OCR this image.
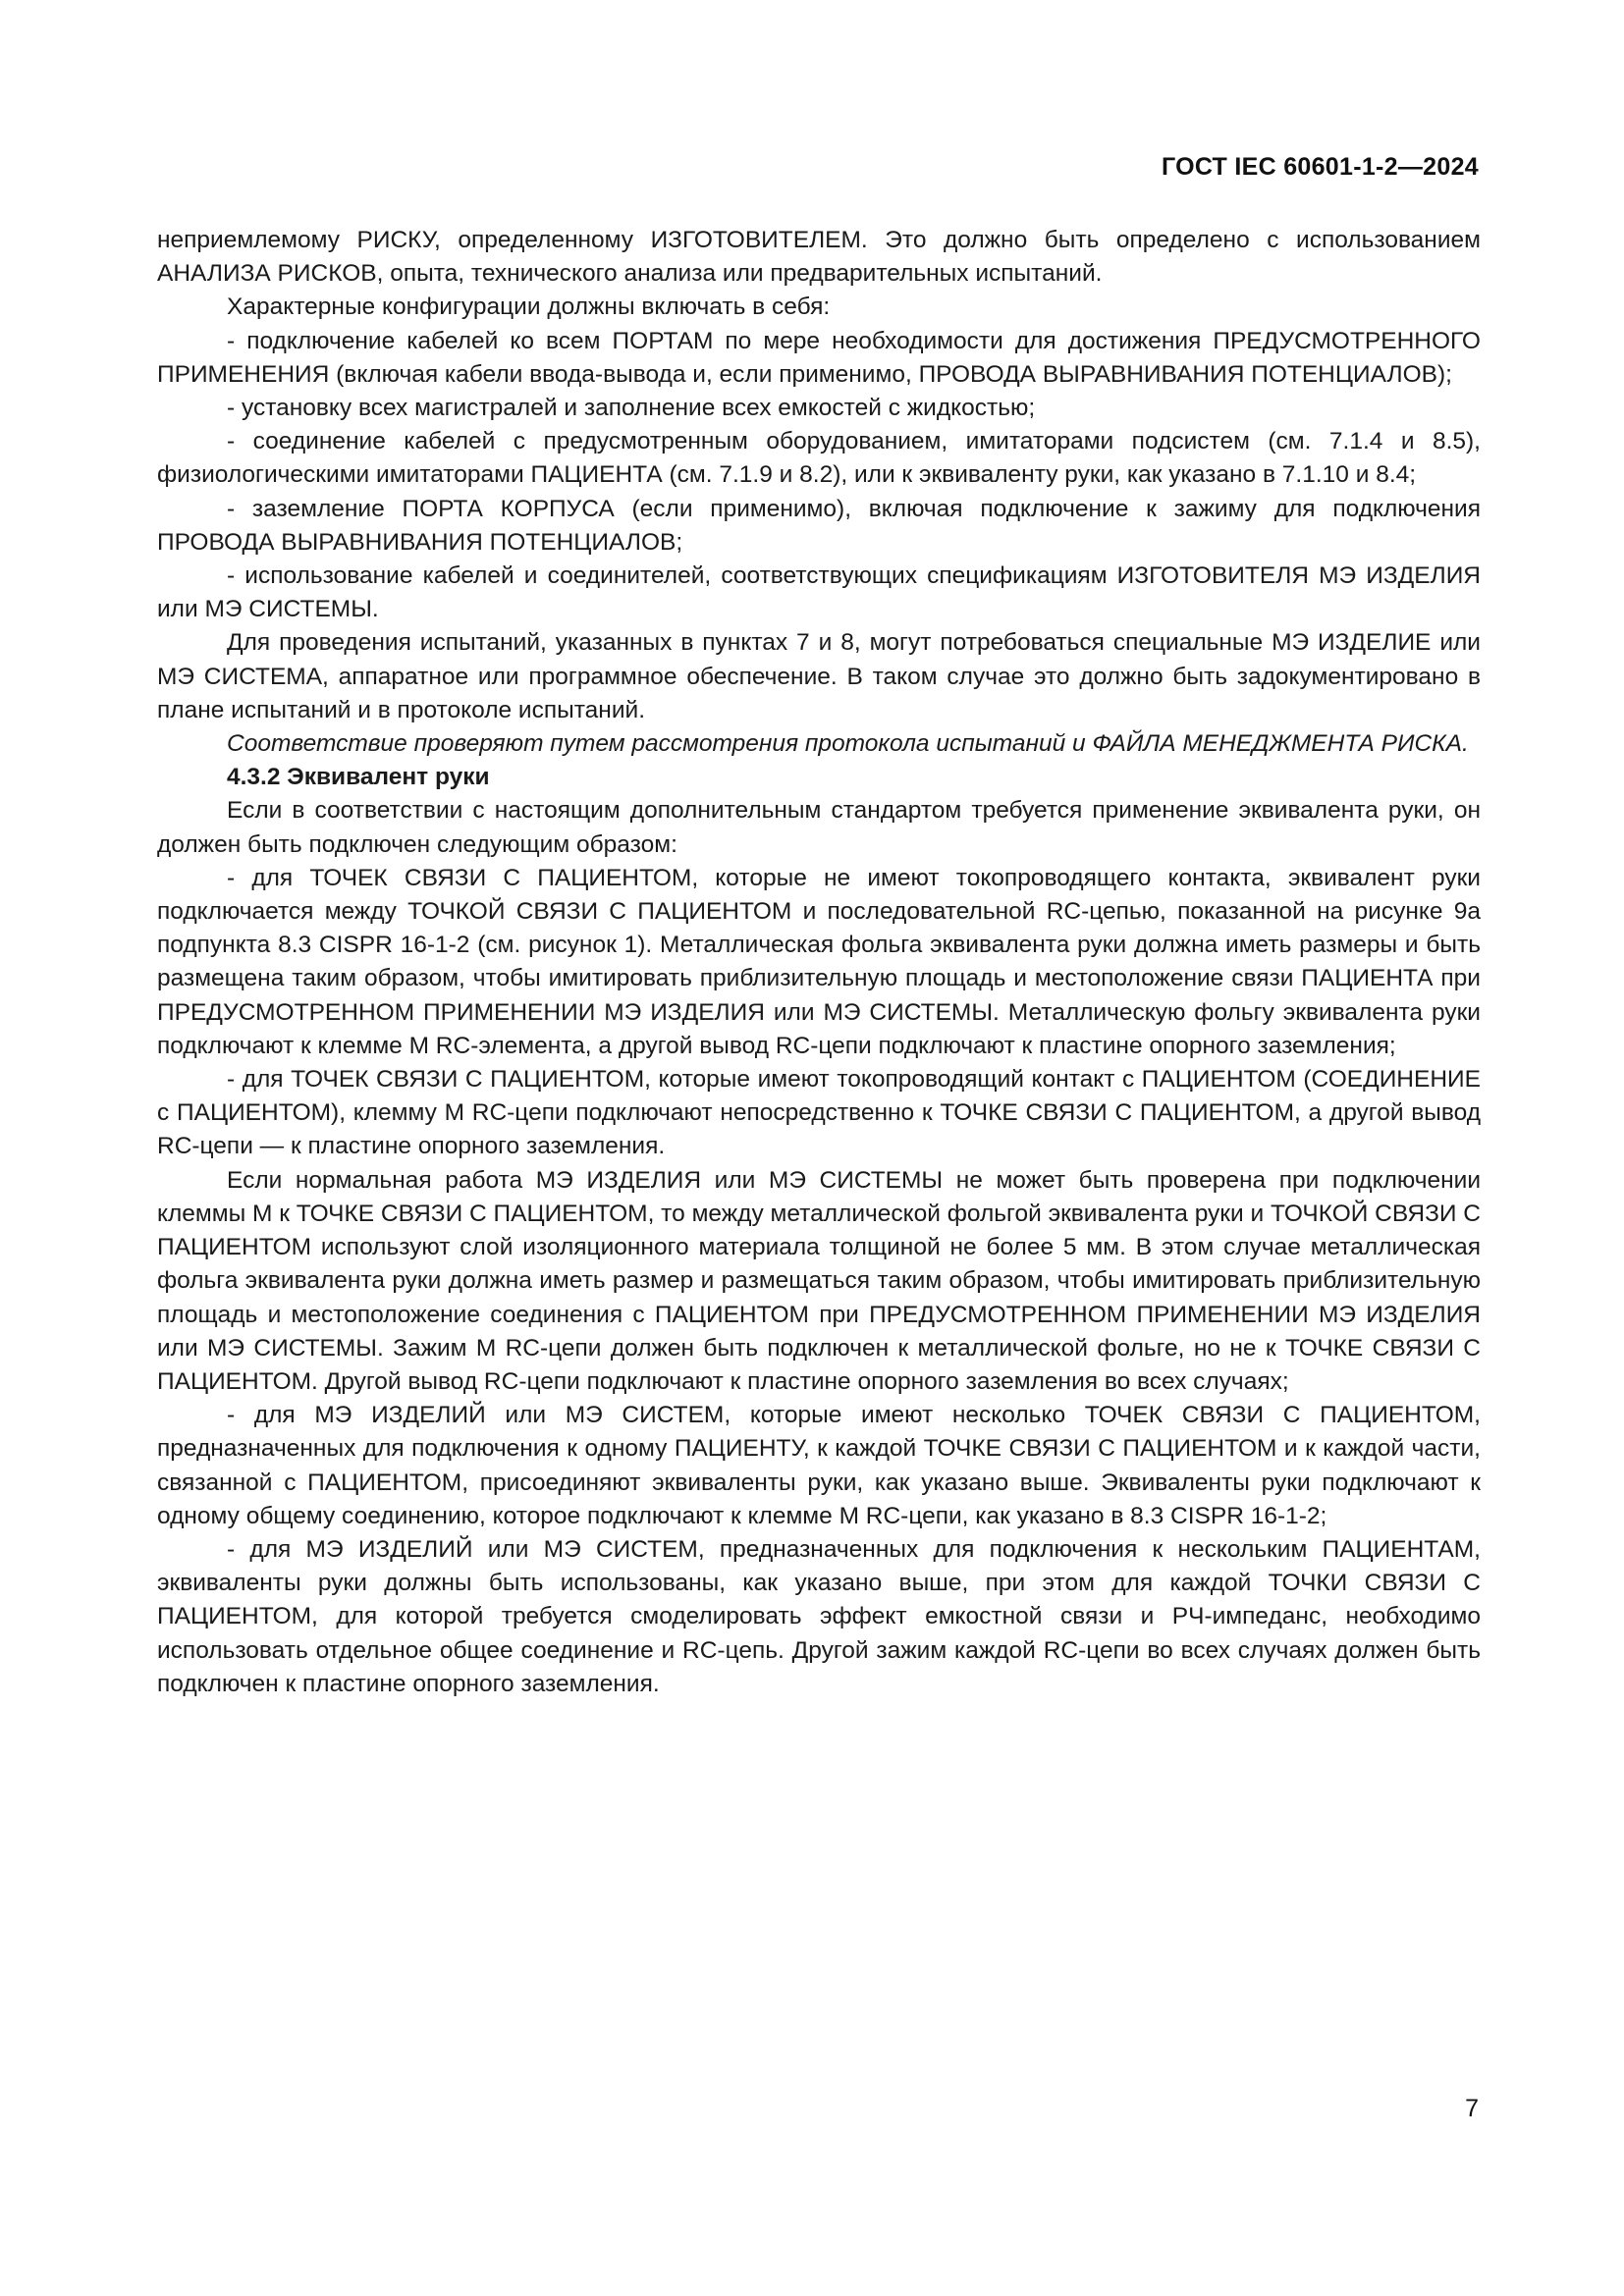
ГОСТ IEC 60601-1-2—2024

неприемлемому РИСКУ, определенному ИЗГОТОВИТЕЛЕМ. Это должно быть определено с использованием АНАЛИЗА РИСКОВ, опыта, технического анализа или предварительных испытаний.

Характерные конфигурации должны включать в себя:

- подключение кабелей ко всем ПОРТАМ по мере необходимости для достижения ПРЕДУСМОТРЕННОГО ПРИМЕНЕНИЯ (включая кабели ввода-вывода и, если применимо, ПРОВОДА ВЫРАВНИВАНИЯ ПОТЕНЦИАЛОВ);

- установку всех магистралей и заполнение всех емкостей с жидкостью;

- соединение кабелей с предусмотренным оборудованием, имитаторами подсистем (см. 7.1.4 и 8.5), физиологическими имитаторами ПАЦИЕНТА (см. 7.1.9 и 8.2), или к эквиваленту руки, как указано в 7.1.10 и 8.4;

- заземление ПОРТА КОРПУСА (если применимо), включая подключение к зажиму для подключения ПРОВОДА ВЫРАВНИВАНИЯ ПОТЕНЦИАЛОВ;

- использование кабелей и соединителей, соответствующих спецификациям ИЗГОТОВИТЕЛЯ МЭ ИЗДЕЛИЯ или МЭ СИСТЕМЫ.

Для проведения испытаний, указанных в пунктах 7 и 8, могут потребоваться специальные МЭ ИЗДЕЛИЕ или МЭ СИСТЕМА, аппаратное или программное обеспечение. В таком случае это должно быть задокументировано в плане испытаний и в протоколе испытаний.

Соответствие проверяют путем рассмотрения протокола испытаний и ФАЙЛА МЕНЕДЖМЕНТА РИСКА.

4.3.2 Эквивалент руки

Если в соответствии с настоящим дополнительным стандартом требуется применение эквивалента руки, он должен быть подключен следующим образом:

- для ТОЧЕК СВЯЗИ С ПАЦИЕНТОМ, которые не имеют токопроводящего контакта, эквивалент руки подключается между ТОЧКОЙ СВЯЗИ С ПАЦИЕНТОМ и последовательной RC-цепью, показанной на рисунке 9а подпункта 8.3 CISPR 16-1-2 (см. рисунок 1). Металлическая фольга эквивалента руки должна иметь размеры и быть размещена таким образом, чтобы имитировать приблизительную площадь и местоположение связи ПАЦИЕНТА при ПРЕДУСМОТРЕННОМ ПРИМЕНЕНИИ МЭ ИЗДЕЛИЯ или МЭ СИСТЕМЫ. Металлическую фольгу эквивалента руки подключают к клемме М RC-элемента, а другой вывод RC-цепи подключают к пластине опорного заземления;

- для ТОЧЕК СВЯЗИ С ПАЦИЕНТОМ, которые имеют токопроводящий контакт с ПАЦИЕНТОМ (СОЕДИНЕНИЕ с ПАЦИЕНТОМ), клемму М RC-цепи подключают непосредственно к ТОЧКЕ СВЯЗИ С ПАЦИЕНТОМ, а другой вывод RC-цепи — к пластине опорного заземления.

Если нормальная работа МЭ ИЗДЕЛИЯ или МЭ СИСТЕМЫ не может быть проверена при подключении клеммы М к ТОЧКЕ СВЯЗИ С ПАЦИЕНТОМ, то между металлической фольгой эквивалента руки и ТОЧКОЙ СВЯЗИ С ПАЦИЕНТОМ используют слой изоляционного материала толщиной не более 5 мм. В этом случае металлическая фольга эквивалента руки должна иметь размер и размещаться таким образом, чтобы имитировать приблизительную площадь и местоположение соединения с ПАЦИЕНТОМ при ПРЕДУСМОТРЕННОМ ПРИМЕНЕНИИ МЭ ИЗДЕЛИЯ или МЭ СИСТЕМЫ. Зажим М RC-цепи должен быть подключен к металлической фольге, но не к ТОЧКЕ СВЯЗИ С ПАЦИЕНТОМ. Другой вывод RC-цепи подключают к пластине опорного заземления во всех случаях;

- для МЭ ИЗДЕЛИЙ или МЭ СИСТЕМ, которые имеют несколько ТОЧЕК СВЯЗИ С ПАЦИЕНТОМ, предназначенных для подключения к одному ПАЦИЕНТУ, к каждой ТОЧКЕ СВЯЗИ С ПАЦИЕНТОМ и к каждой части, связанной с ПАЦИЕНТОМ, присоединяют эквиваленты руки, как указано выше. Эквиваленты руки подключают к одному общему соединению, которое подключают к клемме М RC-цепи, как указано в 8.3 CISPR 16-1-2;

- для МЭ ИЗДЕЛИЙ или МЭ СИСТЕМ, предназначенных для подключения к нескольким ПАЦИЕНТАМ, эквиваленты руки должны быть использованы, как указано выше, при этом для каждой ТОЧКИ СВЯЗИ С ПАЦИЕНТОМ, для которой требуется смоделировать эффект емкостной связи и РЧ-импеданс, необходимо использовать отдельное общее соединение и RC-цепь. Другой зажим каждой RC-цепи во всех случаях должен быть подключен к пластине опорного заземления.

7
